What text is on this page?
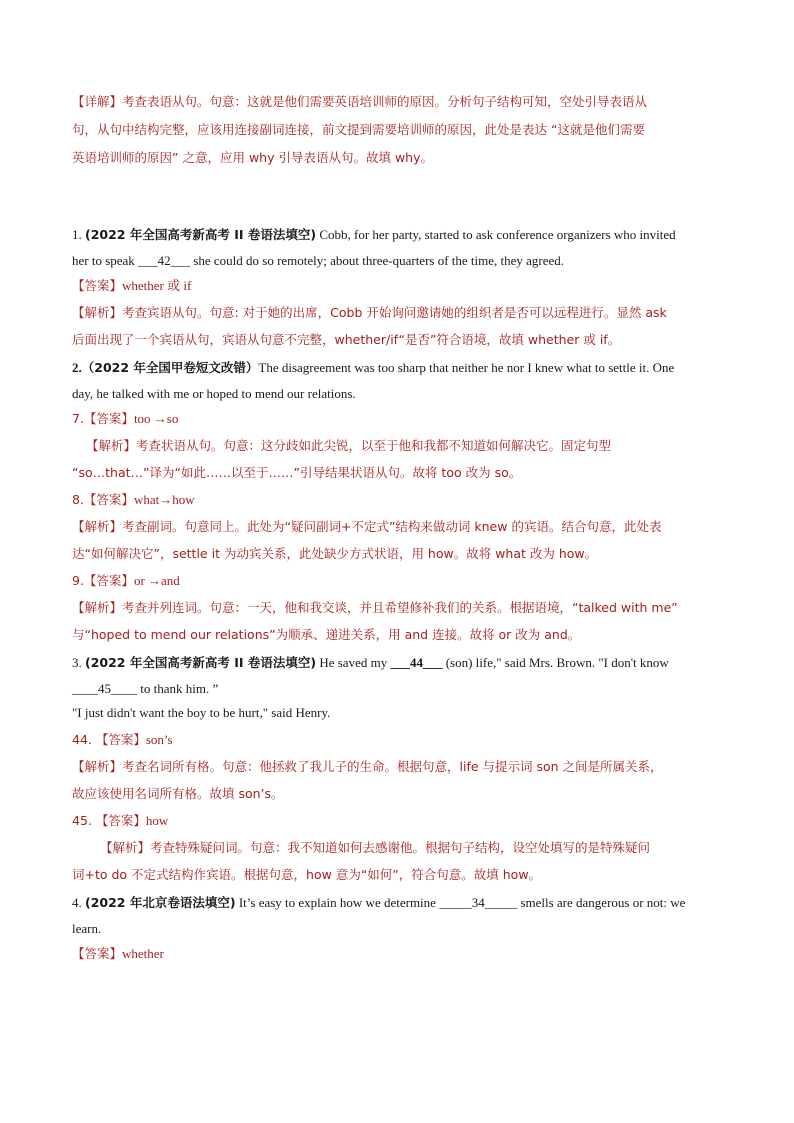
【详解】考查表语从句。句意：这就是他们需要英语培训师的原因。分析句子结构可知，空处引导表语从
句，从句中结构完整，应该用连接副词连接，前文提到需要培训师的原因，此处是表达 “这就是他们需要
英语培训师的原因” 之意，应用 why 引导表语从句。故填 why。
1. (2022 年全国高考新高考 II 卷语法填空) Cobb, for her party, started to ask conference organizers who invited
her to speak ___42___ she could do so remotely; about three-quarters of the time, they agreed.
【答案】whether 或 if
【解析】考查宾语从句。句意: 对于她的出席，Cobb 开始询问邀请她的组织者是否可以远程进行。显然 ask
后面出现了一个宾语从句，宾语从句意不完整，whether/if“是否”符合语境，故填 whether 或 if。
2.（2022 年全国甲卷短文改错）The disagreement was too sharp that neither he nor I knew what to settle it. One
day, he talked with me or hoped to mend our relations.
7.【答案】too →so
【解析】考查状语从句。句意：这分歧如此尖锐，以至于他和我都不知道如何解决它。固定句型
“so…that…”译为“如此……以至于……”引导结果状语从句。故将 too 改为 so。
8.【答案】what→how
【解析】考查副词。句意同上。此处为“疑问副词+不定式”结构来做动词 knew 的宾语。结合句意，此处表
达“如何解决它”，settle it 为动宾关系，此处缺少方式状语，用 how。故将 what 改为 how。
9.【答案】or →and
【解析】考查并列连词。句意：一天，他和我交谈，并且希望修补我们的关系。根据语境，“talked with me”
与“hoped to mend our relations”为顺承、递进关系，用 and 连接。故将 or 改为 and。
3. (2022 年全国高考新高考 II 卷语法填空) He saved my ___44___ (son) life," said Mrs. Brown. "I don't know
____45____ to thank him. ”
"I just didn't want the boy to be hurt," said Henry.
44. 【答案】son’s
【解析】考查名词所有格。句意：他拯救了我儿子的生命。根据句意，life 与提示词 son 之间是所属关系，
故应该使用名词所有格。故填 son’s。
45. 【答案】how
【解析】考查特殊疑问词。句意：我不知道如何去感谢他。根据句子结构，设空处填写的是特殊疑问
词+to do 不定式结构作宾语。根据句意，how 意为“如何”，符合句意。故填 how。
4. (2022 年北京卷语法填空) It’s easy to explain how we determine _____34_____ smells are dangerous or not: we
learn.
【答案】whether
